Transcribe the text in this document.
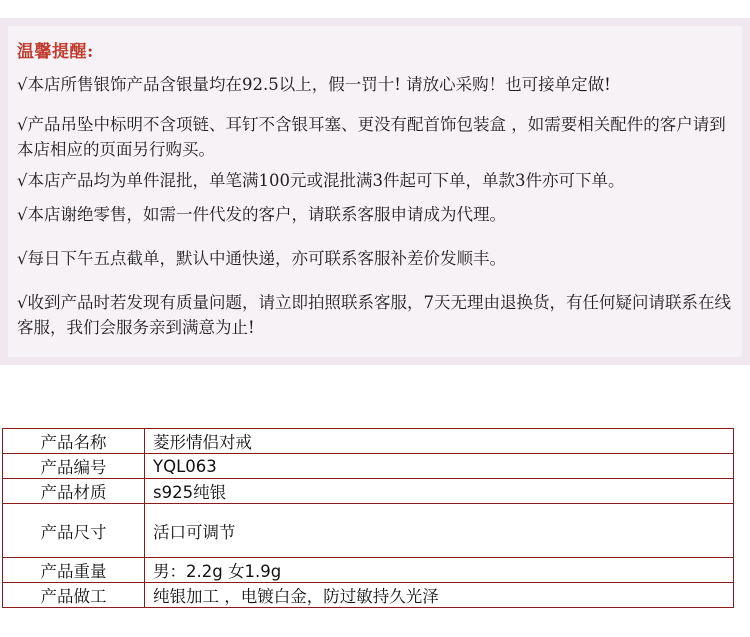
温馨提醒:
√本店所售银饰产品含银量均在92.5以上，假一罚十! 请放心采购！也可接单定做!
√产品吊坠中标明不含项链、耳钉不含银耳塞、更没有配首饰包装盒 ，如需要相关配件的客户请到本店相应的页面另行购买。
√本店产品均为单件混批，单笔满100元或混批满3件起可下单，单款3件亦可下单。
√本店谢绝零售，如需一件代发的客户，请联系客服申请成为代理。
√每日下午五点截单，默认中通快递，亦可联系客服补差价发顺丰。
√收到产品时若发现有质量问题，请立即拍照联系客服，7天无理由退换货，有任何疑问请联系在线客服，我们会服务亲到满意为止!
产品名称	菱形情侣对戒
产品编号	YQL063
产品材质	s925纯银
产品尺寸	活口可调节
产品重量	男：2.2g 女1.9g
产品做工	纯银加工 ，电镀白金，防过敏持久光泽
